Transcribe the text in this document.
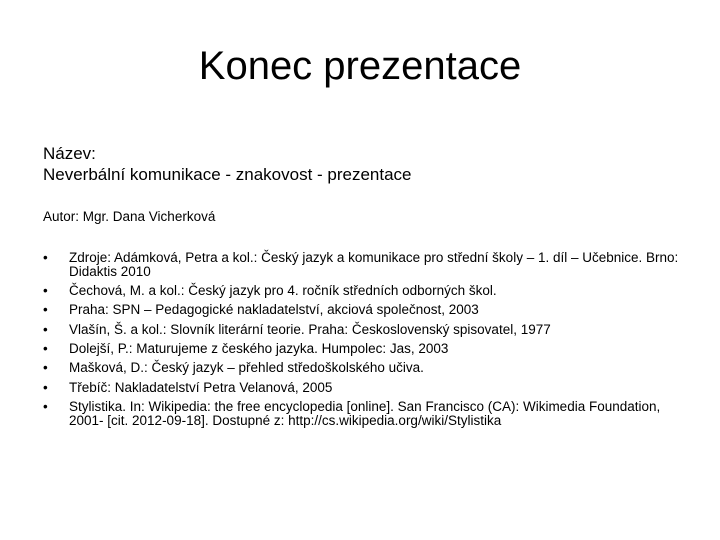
Konec prezentace
Název:
Neverbální komunikace - znakovost - prezentace
Autor: Mgr. Dana Vicherková
• Zdroje: Adámková, Petra a kol.: Český jazyk a komunikace pro střední školy – 1. díl – Učebnice. Brno: Didaktis 2010
• Čechová, M. a kol.: Český jazyk pro 4. ročník středních odborných škol.
• Praha: SPN – Pedagogické nakladatelství, akciová společnost, 2003
• Vlašín, Š. a kol.: Slovník literární teorie. Praha: Československý spisovatel, 1977
• Dolejší, P.: Maturujeme z českého jazyka. Humpolec: Jas, 2003
• Mašková, D.: Český jazyk – přehled středoškolského učiva.
• Třebíč: Nakladatelství Petra Velanová, 2005
• Stylistika. In: Wikipedia: the free encyclopedia [online]. San Francisco (CA): Wikimedia Foundation, 2001- [cit. 2012-09-18]. Dostupné z: http://cs.wikipedia.org/wiki/Stylistika
